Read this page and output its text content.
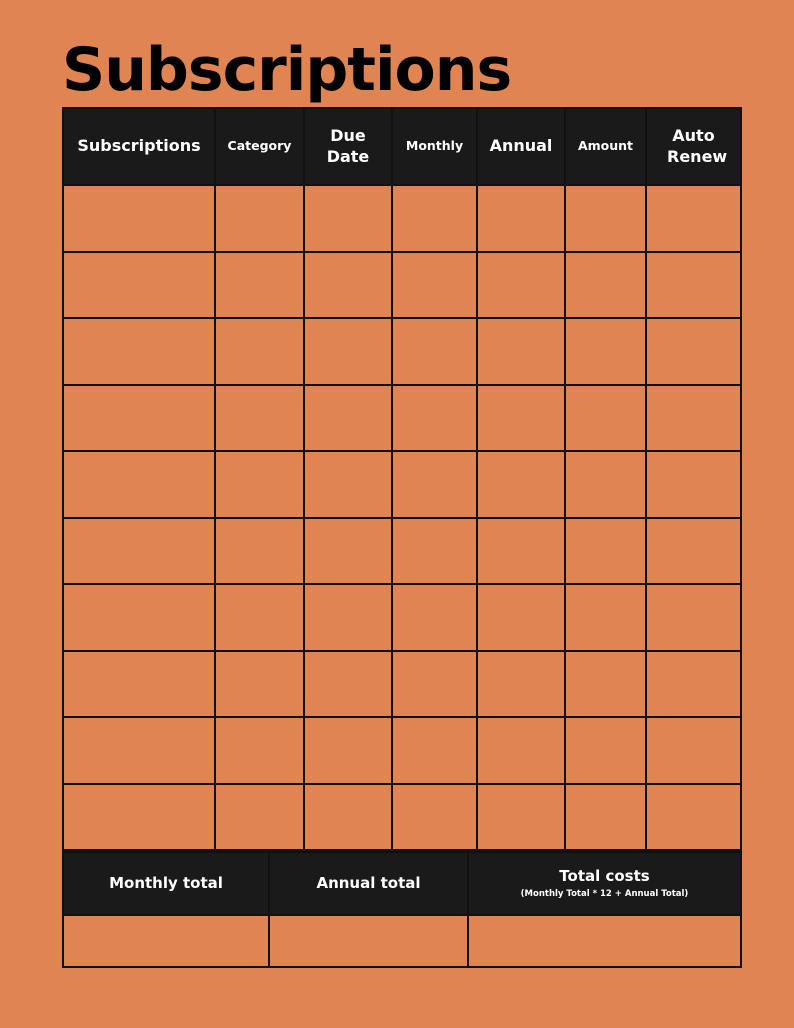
Subscriptions
Subscriptions	Category	Due Date	Monthly	Annual	Amount	Auto Renew

Monthly total	Annual total	Total costs
(Monthly Total * 12 + Annual Total)
